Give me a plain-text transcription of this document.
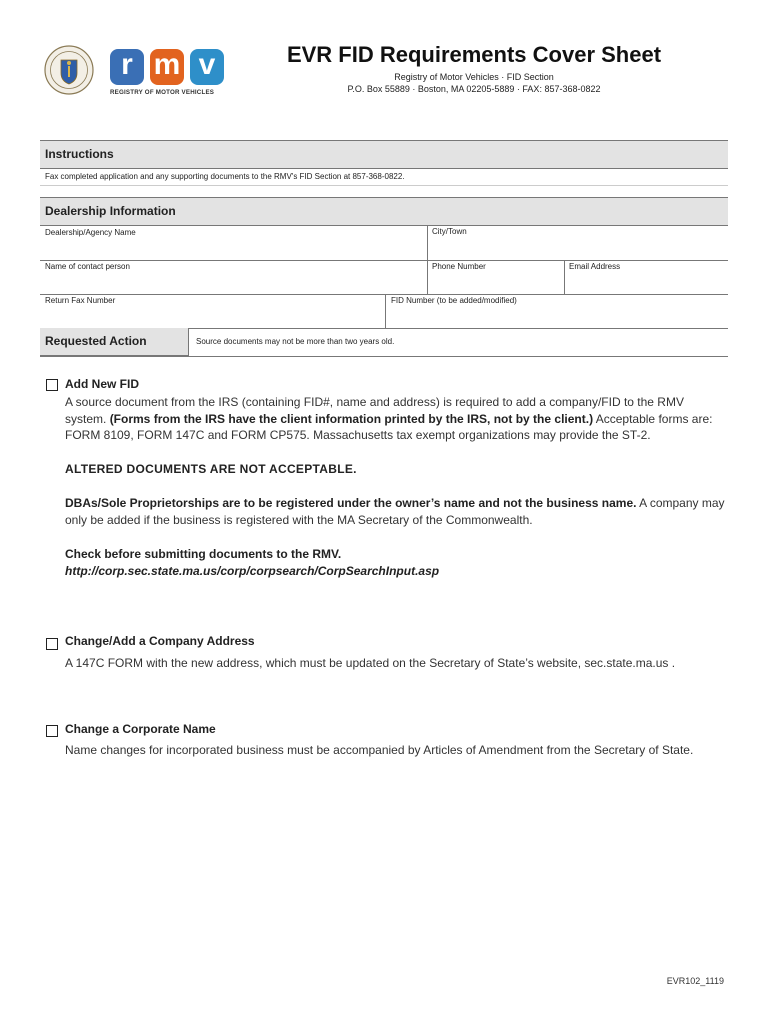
r m v
REGISTRY OF MOTOR VEHICLES
EVR FID Requirements Cover Sheet
Registry of Motor Vehicles · FID Section
P.O. Box 55889 · Boston, MA 02205-5889 · FAX: 857-368-0822
Instructions
Fax completed application and any supporting documents to the RMV's FID Section at 857-368-0822.
Dealership Information
Dealership/Agency Name	City/Town
Name of contact person	Phone Number	Email Address
Return Fax Number	FID Number (to be added/modified)
Requested Action	Source documents may not be more than two years old.
Add New FID
A source document from the IRS (containing FID#, name and address) is required to add a company/FID to the RMV system. (Forms from the IRS have the client information printed by the IRS, not by the client.) Acceptable forms are: FORM 8109, FORM 147C and FORM CP575. Massachusetts tax exempt organizations may provide the ST-2.
ALTERED DOCUMENTS ARE NOT ACCEPTABLE.
DBAs/Sole Proprietorships are to be registered under the owner’s name and not the business name. A company may only be added if the business is registered with the MA Secretary of the Commonwealth.
Check before submitting documents to the RMV.
http://corp.sec.state.ma.us/corp/corpsearch/CorpSearchInput.asp
Change/Add a Company Address
A 147C FORM with the new address, which must be updated on the Secretary of State’s website, sec.state.ma.us .
Change a Corporate Name
Name changes for incorporated business must be accompanied by Articles of Amendment from the Secretary of State.
EVR102_1119
